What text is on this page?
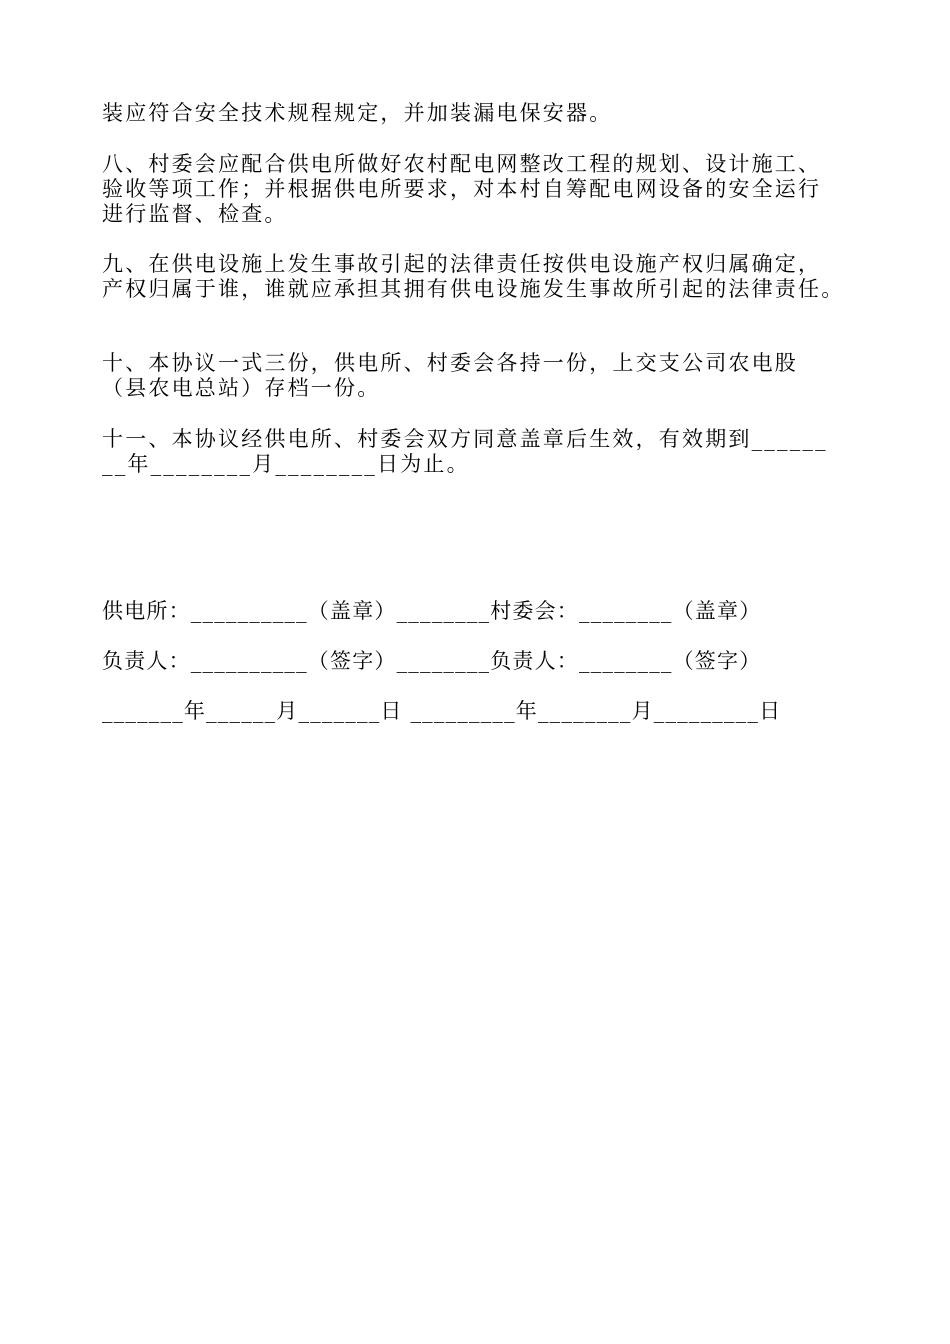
装应符合安全技术规程规定，并加装漏电保安器。
八、村委会应配合供电所做好农村配电网整改工程的规划、设计施工、
验收等项工作；并根据供电所要求，对本村自筹配电网设备的安全运行
进行监督、检查。
九、在供电设施上发生事故引起的法律责任按供电设施产权归属确定，
产权归属于谁，谁就应承担其拥有供电设施发生事故所引起的法律责任。
十、本协议一式三份，供电所、村委会各持一份，上交支公司农电股
（县农电总站）存档一份。
十一、本协议经供电所、村委会双方同意盖章后生效，有效期到______
__年________月________日为止。
供电所：__________（盖章）________村委会：________（盖章）
负责人：__________（签字）________负责人：________（签字）
_______年______月_______日 _________年________月_________日
